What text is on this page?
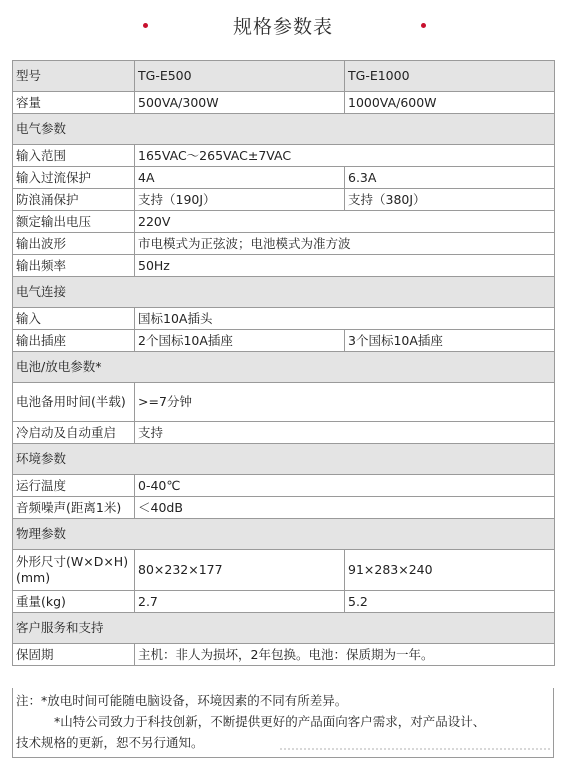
规格参数表
型号	TG-E500	TG-E1000
容量	500VA/300W	1000VA/600W
电气参数		
输入范围	165VAC～265VAC±7VAC	
输入过流保护	4A	6.3A
防浪涌保护	支持（190J）	支持（380J）
额定输出电压	220V	
输出波形	市电模式为正弦波；电池模式为准方波	
输出频率	50Hz	
电气连接		
输入	国标10A插头	
输出插座	2个国标10A插座	3个国标10A插座
电池/放电参数*		
电池备用时间(半载)	>=7分钟	
冷启动及自动重启	支持	
环境参数		
运行温度	0-40℃	
音频噪声(距离1米)	＜40dB	
物理参数		
外形尺寸(W×D×H)(mm)	80×232×177	91×283×240
重量(kg)	2.7	5.2
客户服务和支持		
保固期	主机：非人为损坏，2年包换。电池：保质期为一年。	
注：*放电时间可能随电脑设备，环境因素的不同有所差异。
*山特公司致力于科技创新，不断提供更好的产品面向客户需求，对产品设计、
技术规格的更新，恕不另行通知。
